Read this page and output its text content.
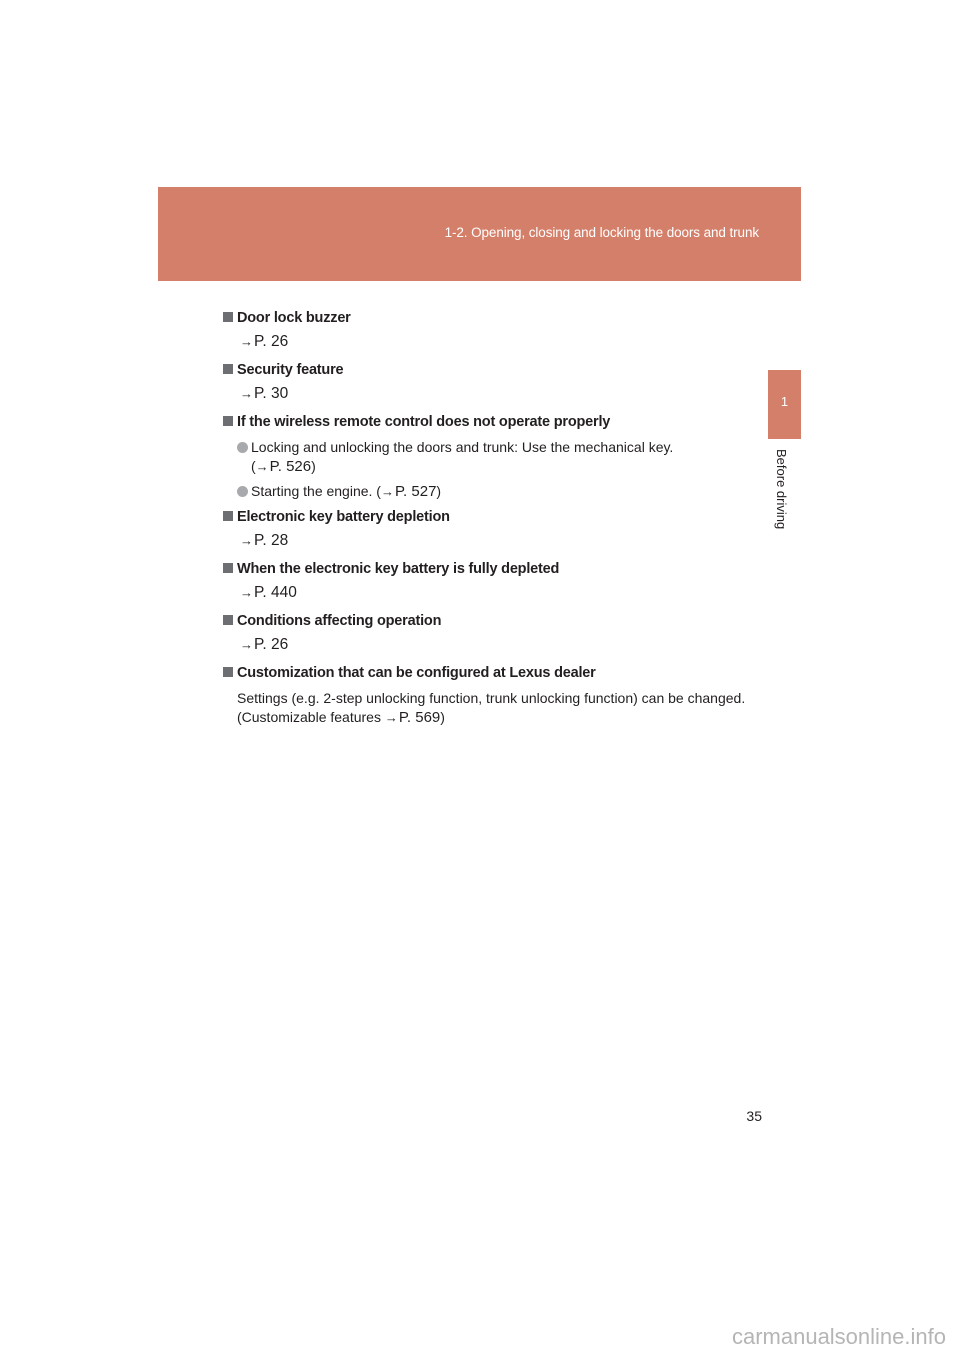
1-2. Opening, closing and locking the doors and trunk
1
Before driving
Door lock buzzer
→P. 26
Security feature
→P. 30
If the wireless remote control does not operate properly
Locking and unlocking the doors and trunk: Use the mechanical key.
(→P. 526)
Starting the engine. (→P. 527)
Electronic key battery depletion
→P. 28
When the electronic key battery is fully depleted
→P. 440
Conditions affecting operation
→P. 26
Customization that can be configured at Lexus dealer
Settings (e.g. 2-step unlocking function, trunk unlocking function) can be changed.
(Customizable features →P. 569)
35
carmanualsonline.info
